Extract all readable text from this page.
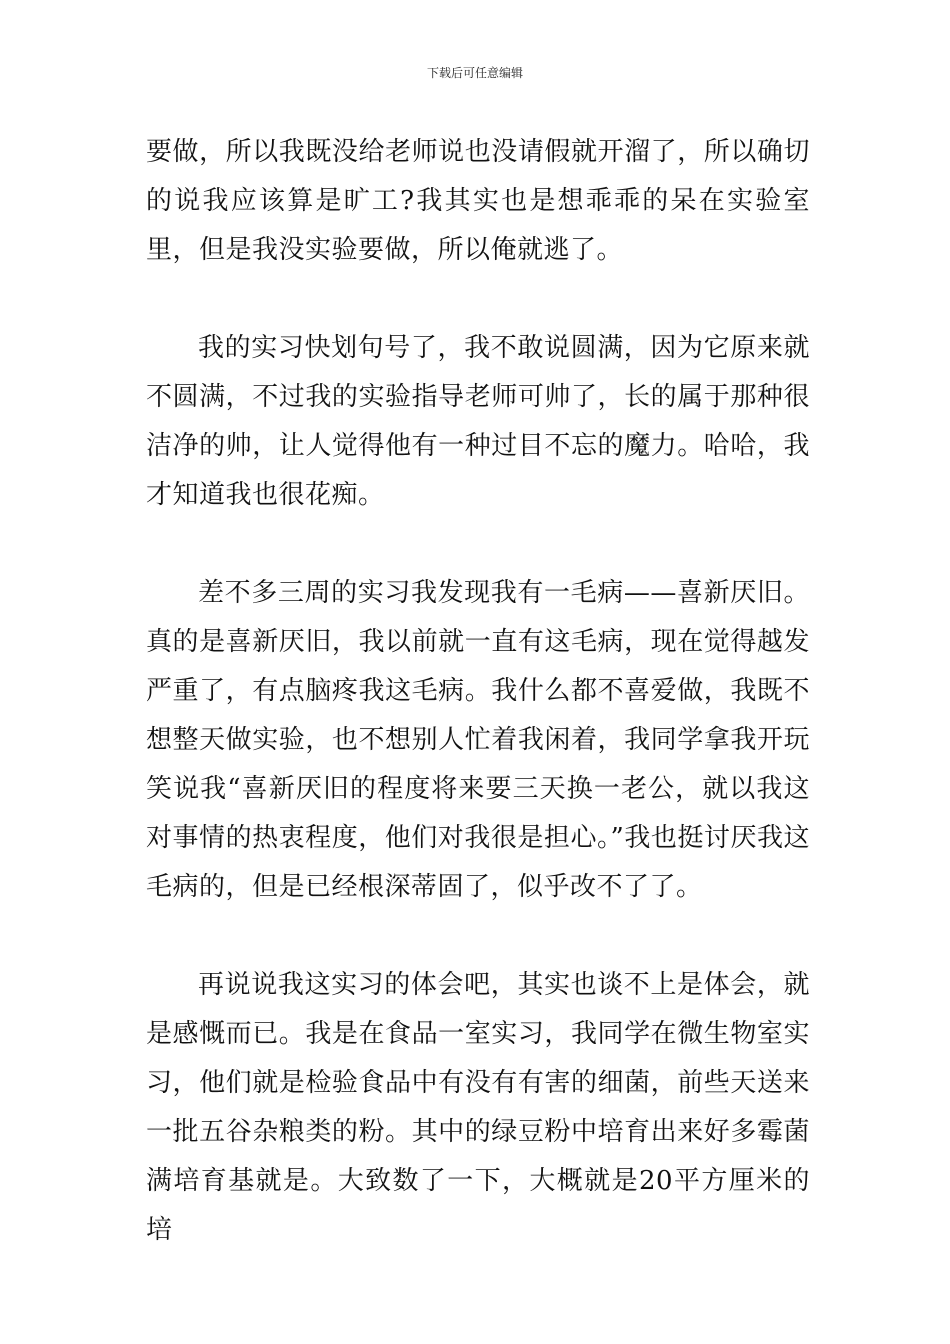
下载后可任意编辑

要做，所以我既没给老师说也没请假就开溜了，所以确切的说我应该算是旷工?我其实也是想乖乖的呆在实验室里，但是我没实验要做，所以俺就逃了。

我的实习快划句号了，我不敢说圆满，因为它原来就不圆满，不过我的实验指导老师可帅了，长的属于那种很洁净的帅，让人觉得他有一种过目不忘的魔力。哈哈，我才知道我也很花痴。

差不多三周的实习我发现我有一毛病——喜新厌旧。真的是喜新厌旧，我以前就一直有这毛病，现在觉得越发严重了，有点脑疼我这毛病。我什么都不喜爱做，我既不想整天做实验，也不想别人忙着我闲着，我同学拿我开玩笑说我“喜新厌旧的程度将来要三天换一老公，就以我这对事情的热衷程度，他们对我很是担心。”我也挺讨厌我这毛病的，但是已经根深蒂固了，似乎改不了了。

再说说我这实习的体会吧，其实也谈不上是体会，就是感慨而已。我是在食品一室实习，我同学在微生物室实习，他们就是检验食品中有没有有害的细菌，前些天送来一批五谷杂粮类的粉。其中的绿豆粉中培育出来好多霉菌满培育基就是。大致数了一下，大概就是20平方厘米的培
